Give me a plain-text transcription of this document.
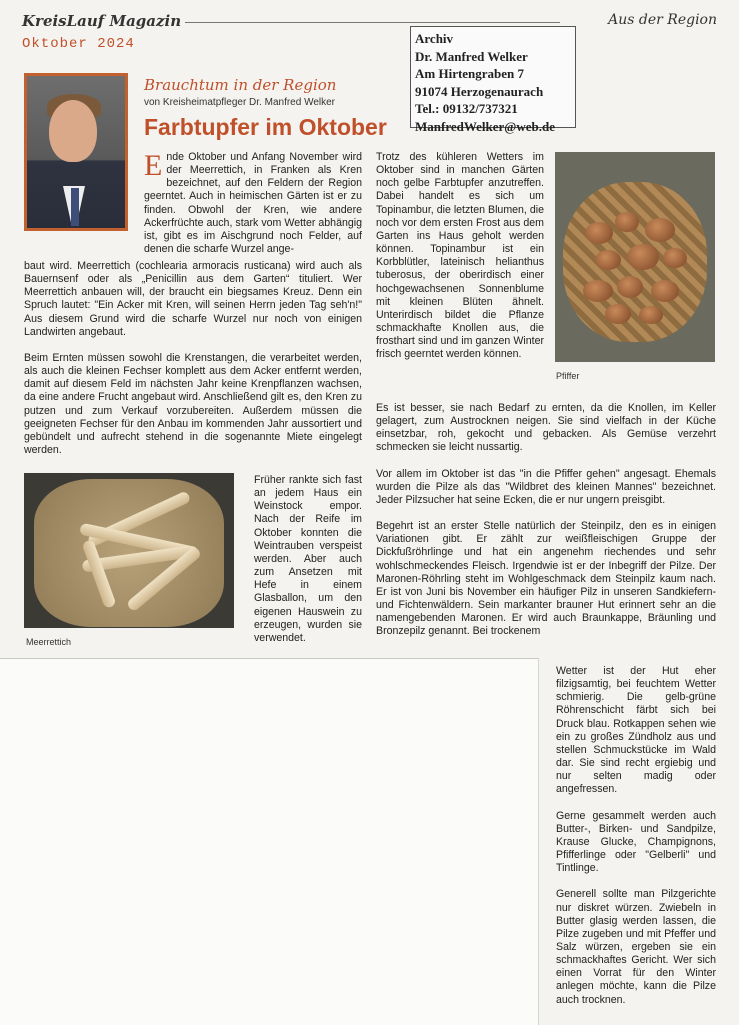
KreisLauf Magazin	Aus der Region
Oktober 2024	Archiv
Dr. Manfred Welker
Am Hirtengraben 7
91074 Herzogenaurach
Tel.: 09132/737321
ManfredWelker@web.de
Brauchtum in der Region
von Kreisheimatpfleger Dr. Manfred Welker
Farbtupfer im Oktober
Ende Oktober und Anfang November wird der Meerrettich, in Franken als Kren bezeichnet, auf den Feldern der Region geerntet. Auch in heimischen Gärten ist er zu finden. Obwohl der Kren, wie andere Ackerfrüchte auch, stark vom Wetter abhängig ist, gibt es im Aischgrund noch Felder, auf denen die scharfe Wurzel ange-

baut wird. Meerrettich (cochlearia armoracis rusticana) wird auch als Bauernsenf oder als „Penicillin aus dem Garten“ tituliert. Wer Meerrettich anbauen will, der braucht ein biegsames Kreuz. Denn ein Spruch lautet: "Ein Acker mit Kren, will seinen Herrn jeden Tag seh'n!" Aus diesem Grund wird die scharfe Wurzel nur noch von einigen Landwirten angebaut.

Beim Ernten müssen sowohl die Krenstangen, die verarbeitet werden, als auch die kleinen Fechser komplett aus dem Acker entfernt werden, damit auf diesem Feld im nächsten Jahr keine Krenpflanzen wachsen, da eine andere Frucht angebaut wird. Anschließend gilt es, den Kren zu putzen und zum Verkauf vorzubereiten. Außerdem müssen die geeigneten Fechser für den Anbau im kommenden Jahr aussortiert und gebündelt und aufrecht stehend in die sogenannte Miete eingelegt werden.

Meerrettich

Früher rankte sich fast an jedem Haus ein Weinstock empor. Nach der Reife im Oktober konnten die Weintrauben verspeist werden. Aber auch zum Ansetzen mit Hefe in einem Glasballon, um den eigenen Hauswein zu erzeugen, wurden sie verwendet.

Trotz des kühleren Wetters im Oktober sind in manchen Gärten noch gelbe Farbtupfer anzutreffen. Dabei handelt es sich um Topinambur, die letzten Blumen, die noch vor dem ersten Frost aus dem Garten ins Haus geholt werden können. Topinambur ist ein Korbblütler, lateinisch helianthus tuberosus, der oberirdisch einer hochgewachsenen Sonnenblume mit kleinen Blüten ähnelt. Unterirdisch bildet die Pflanze schmackhafte Knollen aus, die frosthart sind und im ganzen Winter frisch geerntet werden können.

Pfiffer

Es ist besser, sie nach Bedarf zu ernten, da die Knollen, im Keller gelagert, zum Austrocknen neigen. Sie sind vielfach in der Küche einsetzbar, roh, gekocht und gebacken. Als Gemüse verzehrt schmecken sie leicht nussartig.

Vor allem im Oktober ist das "in die Pfiffer gehen" angesagt. Ehemals wurden die Pilze als das "Wildbret des kleinen Mannes" bezeichnet. Jeder Pilzsucher hat seine Ecken, die er nur ungern preisgibt.

Begehrt ist an erster Stelle natürlich der Steinpilz, den es in einigen Variationen gibt. Er zählt zur weißfleischigen Gruppe der Dickfußröhrlinge und hat ein angenehm riechendes und sehr wohlschmeckendes Fleisch. Irgendwie ist er der Inbegriff der Pilze. Der Maronen-Röhrling steht im Wohlgeschmack dem Steinpilz kaum nach. Er ist von Juni bis November ein häufiger Pilz in unseren Sandkiefern- und Fichtenwäldern. Sein markanter brauner Hut erinnert sehr an die namengebenden Maronen. Er wird auch Braunkappe, Bräunling und Bronzepilz genannt. Bei trockenem

Wetter ist der Hut eher filzigsamtig, bei feuchtem Wetter schmierig. Die gelb-grüne Röhrenschicht färbt sich bei Druck blau. Rotkappen sehen wie ein zu großes Zündholz aus und stellen Schmuckstücke im Wald dar. Sie sind recht ergiebig und nur selten madig oder angefressen.

Gerne gesammelt werden auch Butter-, Birken- und Sandpilze, Krause Glucke, Champignons, Pfifferlinge oder "Gelberli" und Tintlinge.

Generell sollte man Pilzgerichte nur diskret würzen. Zwiebeln in Butter glasig werden lassen, die Pilze zugeben und mit Pfeffer und Salz würzen, ergeben sie ein schmackhaftes Gericht. Wer sich einen Vorrat für den Winter anlegen möchte, kann die Pilze auch trocknen.
